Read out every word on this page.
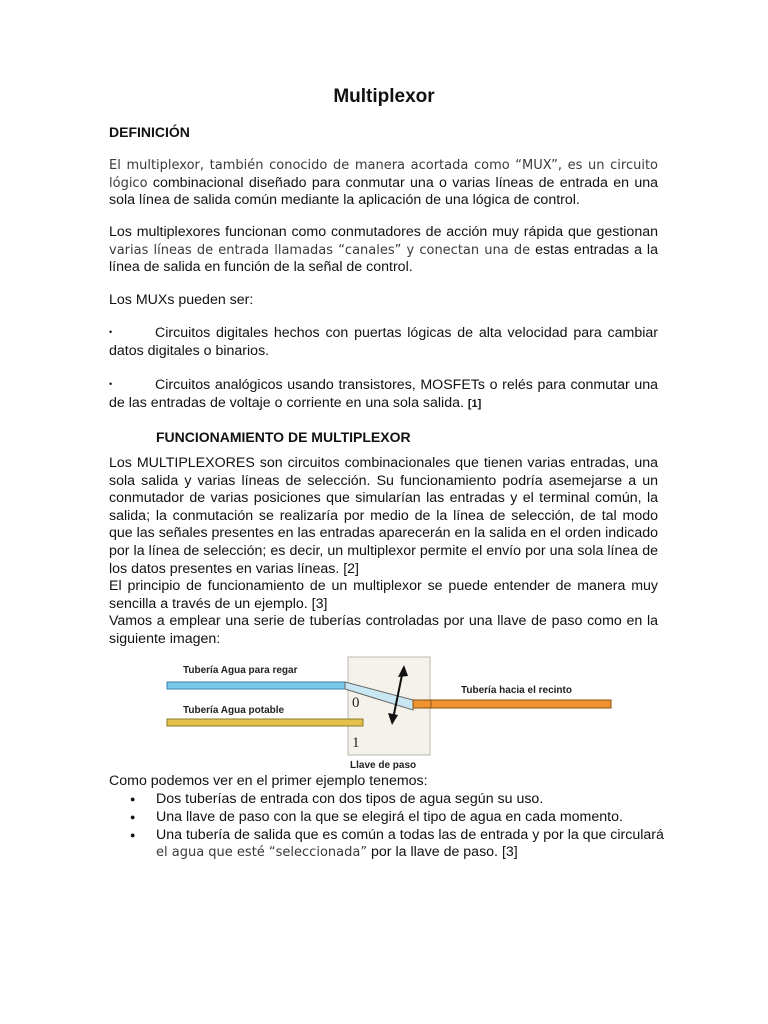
Multiplexor
DEFINICIÓN

El multiplexor, también conocido de manera acortada como “MUX”, es un circuito lógico combinacional diseñado para conmutar una o varias líneas de entrada en una sola línea de salida común mediante la aplicación de una lógica de control.

Los multiplexores funcionan como conmutadores de acción muy rápida que gestionan varias líneas de entrada llamadas “canales” y conectan una de estas entradas a la línea de salida en función de la señal de control.

Los MUXs pueden ser:

•	Circuitos digitales hechos con puertas lógicas de alta velocidad para cambiar datos digitales o binarios.

•	Circuitos analógicos usando transistores, MOSFETs o relés para conmutar una de las entradas de voltaje o corriente en una sola salida. [1]

FUNCIONAMIENTO DE MULTIPLEXOR

Los MULTIPLEXORES son circuitos combinacionales que tienen varias entradas, una sola salida y varias líneas de selección. Su funcionamiento podría asemejarse a un conmutador de varias posiciones que simularían las entradas y el terminal común, la salida; la conmutación se realizaría por medio de la línea de selección, de tal modo que las señales presentes en las entradas aparecerán en la salida en el orden indicado por la línea de selección; es decir, un multiplexor permite el envío por una sola línea de los datos presentes en varias líneas. [2]

El principio de funcionamiento de un multiplexor se puede entender de manera muy sencilla a través de un ejemplo. [3]

Vamos a emplear una serie de tuberías controladas por una llave de paso como en la siguiente imagen:

Tubería Agua para regar
Tubería Agua potable	0
1
Tubería hacia el recinto
Llave de paso

Como podemos ver en el primer ejemplo tenemos:

● Dos tuberías de entrada con dos tipos de agua según su uso.
● Una llave de paso con la que se elegirá el tipo de agua en cada momento.
● Una tubería de salida que es común a todas las de entrada y por la que circulará
el agua que esté “seleccionada” por la llave de paso. [3]
